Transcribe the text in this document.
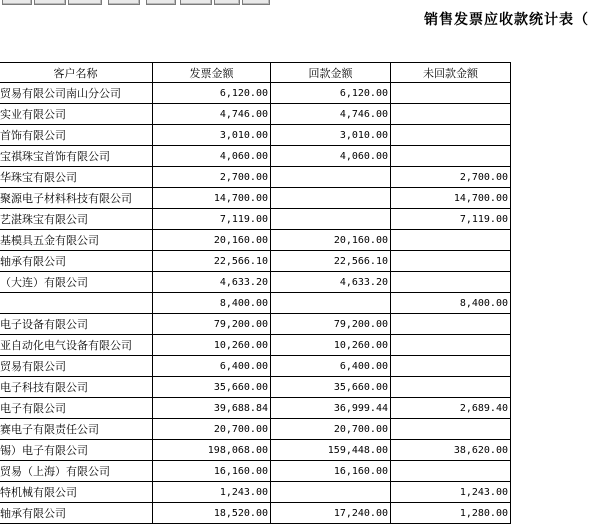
销售发票应收款统计表（
客户名称	发票金额	回款金额	未回款金额
贸易有限公司南山分公司	6,120.00	6,120.00	
实业有限公司	4,746.00	4,746.00	
首饰有限公司	3,010.00	3,010.00	
宝祺珠宝首饰有限公司	4,060.00	4,060.00	
华珠宝有限公司	2,700.00		2,700.00
聚源电子材料科技有限公司	14,700.00		14,700.00
艺湛珠宝有限公司	7,119.00		7,119.00
基模具五金有限公司	20,160.00	20,160.00	
轴承有限公司	22,566.10	22,566.10	
（大连）有限公司	4,633.20	4,633.20	
	8,400.00		8,400.00
电子设备有限公司	79,200.00	79,200.00	
亚自动化电气设备有限公司	10,260.00	10,260.00	
贸易有限公司	6,400.00	6,400.00	
电子科技有限公司	35,660.00	35,660.00	
电子有限公司	39,688.84	36,999.44	2,689.40
赛电子有限责任公司	20,700.00	20,700.00	
锡）电子有限公司	198,068.00	159,448.00	38,620.00
贸易（上海）有限公司	16,160.00	16,160.00	
特机械有限公司	1,243.00		1,243.00
轴承有限公司	18,520.00	17,240.00	1,280.00
